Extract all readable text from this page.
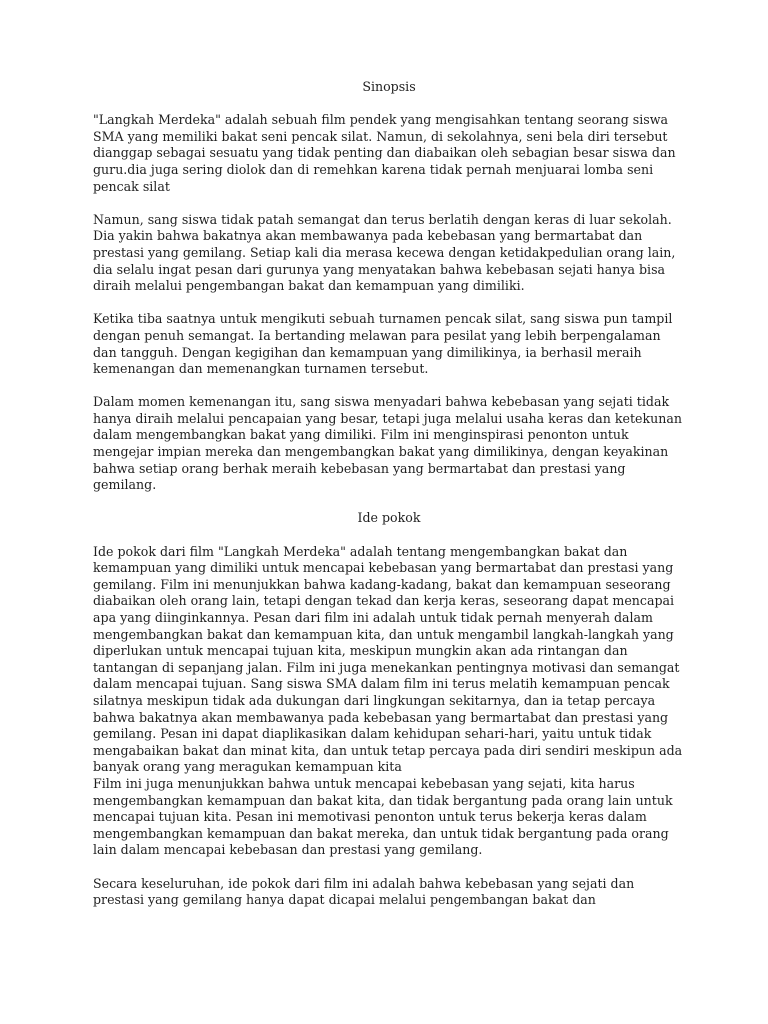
Sinopsis

"Langkah Merdeka" adalah sebuah film pendek yang mengisahkan tentang seorang siswa SMA yang memiliki bakat seni pencak silat. Namun, di sekolahnya, seni bela diri tersebut dianggap sebagai sesuatu yang tidak penting dan diabaikan oleh sebagian besar siswa dan guru.dia juga sering diolok dan di remehkan karena tidak pernah menjuarai lomba seni pencak silat

Namun, sang siswa tidak patah semangat dan terus berlatih dengan keras di luar sekolah. Dia yakin bahwa bakatnya akan membawanya pada kebebasan yang bermartabat dan prestasi yang gemilang. Setiap kali dia merasa kecewa dengan ketidakpedulian orang lain, dia selalu ingat pesan dari gurunya yang menyatakan bahwa kebebasan sejati hanya bisa diraih melalui pengembangan bakat dan kemampuan yang dimiliki.

Ketika tiba saatnya untuk mengikuti sebuah turnamen pencak silat, sang siswa pun tampil dengan penuh semangat. Ia bertanding melawan para pesilat yang lebih berpengalaman dan tangguh. Dengan kegigihan dan kemampuan yang dimilikinya, ia berhasil meraih kemenangan dan memenangkan turnamen tersebut.

Dalam momen kemenangan itu, sang siswa menyadari bahwa kebebasan yang sejati tidak hanya diraih melalui pencapaian yang besar, tetapi juga melalui usaha keras dan ketekunan dalam mengembangkan bakat yang dimiliki. Film ini menginspirasi penonton untuk mengejar impian mereka dan mengembangkan bakat yang dimilikinya, dengan keyakinan bahwa setiap orang berhak meraih kebebasan yang bermartabat dan prestasi yang gemilang.

Ide pokok

Ide pokok dari film "Langkah Merdeka" adalah tentang mengembangkan bakat dan kemampuan yang dimiliki untuk mencapai kebebasan yang bermartabat dan prestasi yang gemilang. Film ini menunjukkan bahwa kadang-kadang, bakat dan kemampuan seseorang diabaikan oleh orang lain, tetapi dengan tekad dan kerja keras, seseorang dapat mencapai apa yang diinginkannya. Pesan dari film ini adalah untuk tidak pernah menyerah dalam mengembangkan bakat dan kemampuan kita, dan untuk mengambil langkah-langkah yang diperlukan untuk mencapai tujuan kita, meskipun mungkin akan ada rintangan dan tantangan di sepanjang jalan. Film ini juga menekankan pentingnya motivasi dan semangat dalam mencapai tujuan. Sang siswa SMA dalam film ini terus melatih kemampuan pencak silatnya meskipun tidak ada dukungan dari lingkungan sekitarnya, dan ia tetap percaya bahwa bakatnya akan membawanya pada kebebasan yang bermartabat dan prestasi yang gemilang. Pesan ini dapat diaplikasikan dalam kehidupan sehari-hari, yaitu untuk tidak mengabaikan bakat dan minat kita, dan untuk tetap percaya pada diri sendiri meskipun ada banyak orang yang meragukan kemampuan kita

Film ini juga menunjukkan bahwa untuk mencapai kebebasan yang sejati, kita harus mengembangkan kemampuan dan bakat kita, dan tidak bergantung pada orang lain untuk mencapai tujuan kita. Pesan ini memotivasi penonton untuk terus bekerja keras dalam mengembangkan kemampuan dan bakat mereka, dan untuk tidak bergantung pada orang lain dalam mencapai kebebasan dan prestasi yang gemilang.

Secara keseluruhan, ide pokok dari film ini adalah bahwa kebebasan yang sejati dan prestasi yang gemilang hanya dapat dicapai melalui pengembangan bakat dan
